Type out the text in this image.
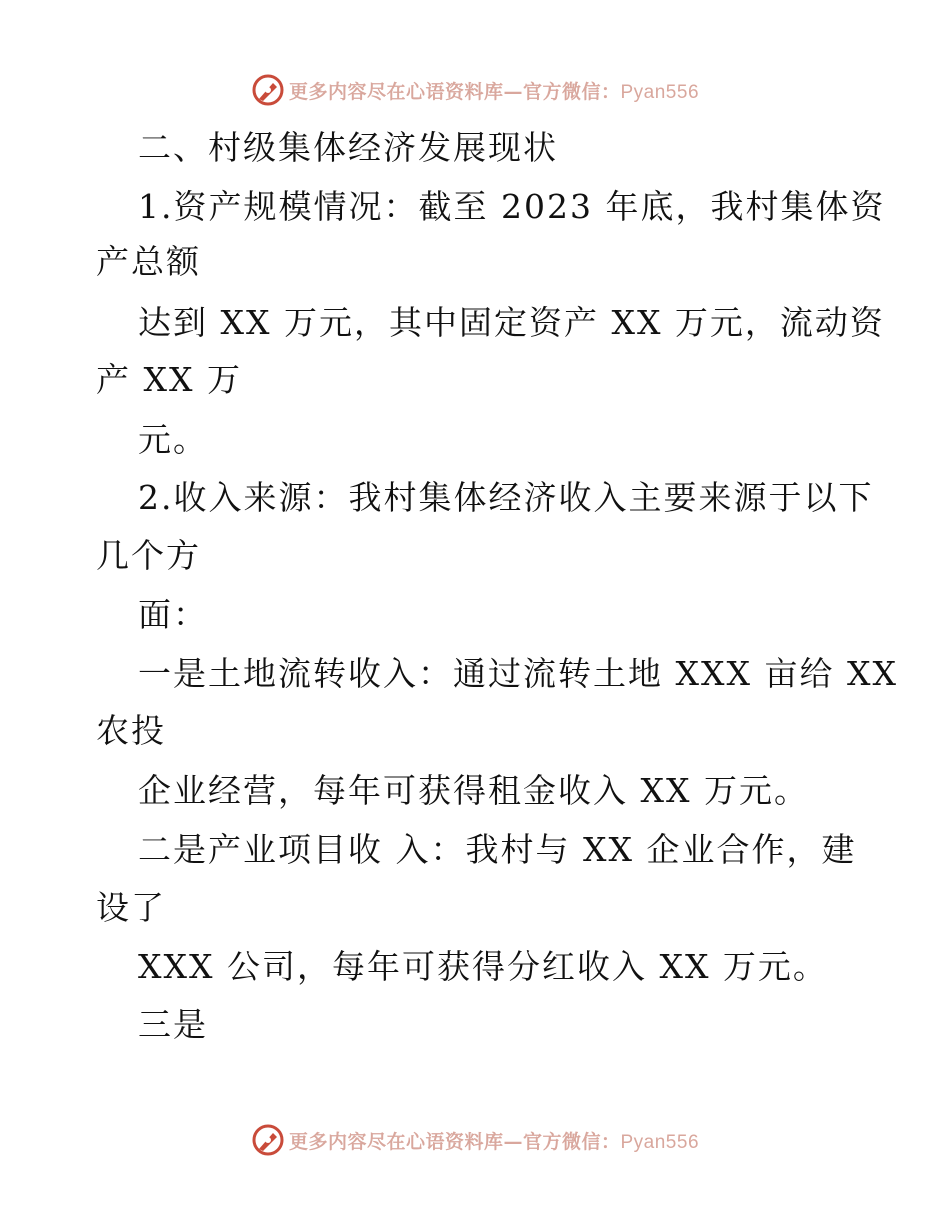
更多内容尽在心语资料库—官方微信：Pyan556
二、村级集体经济发展现状
1.资产规模情况：截至 2023 年底，我村集体资
产总额
达到 XX 万元，其中固定资产 XX 万元，流动资
产 XX 万
元。
2.收入来源：我村集体经济收入主要来源于以下
几个方
面：
一是土地流转收入：通过流转土地 XXX 亩给 XX
农投
企业经营，每年可获得租金收入 XX 万元。
二是产业项目收 入：我村与 XX 企业合作，建
设了
XXX 公司，每年可获得分红收入 XX 万元。
三是
更多内容尽在心语资料库—官方微信：Pyan556
